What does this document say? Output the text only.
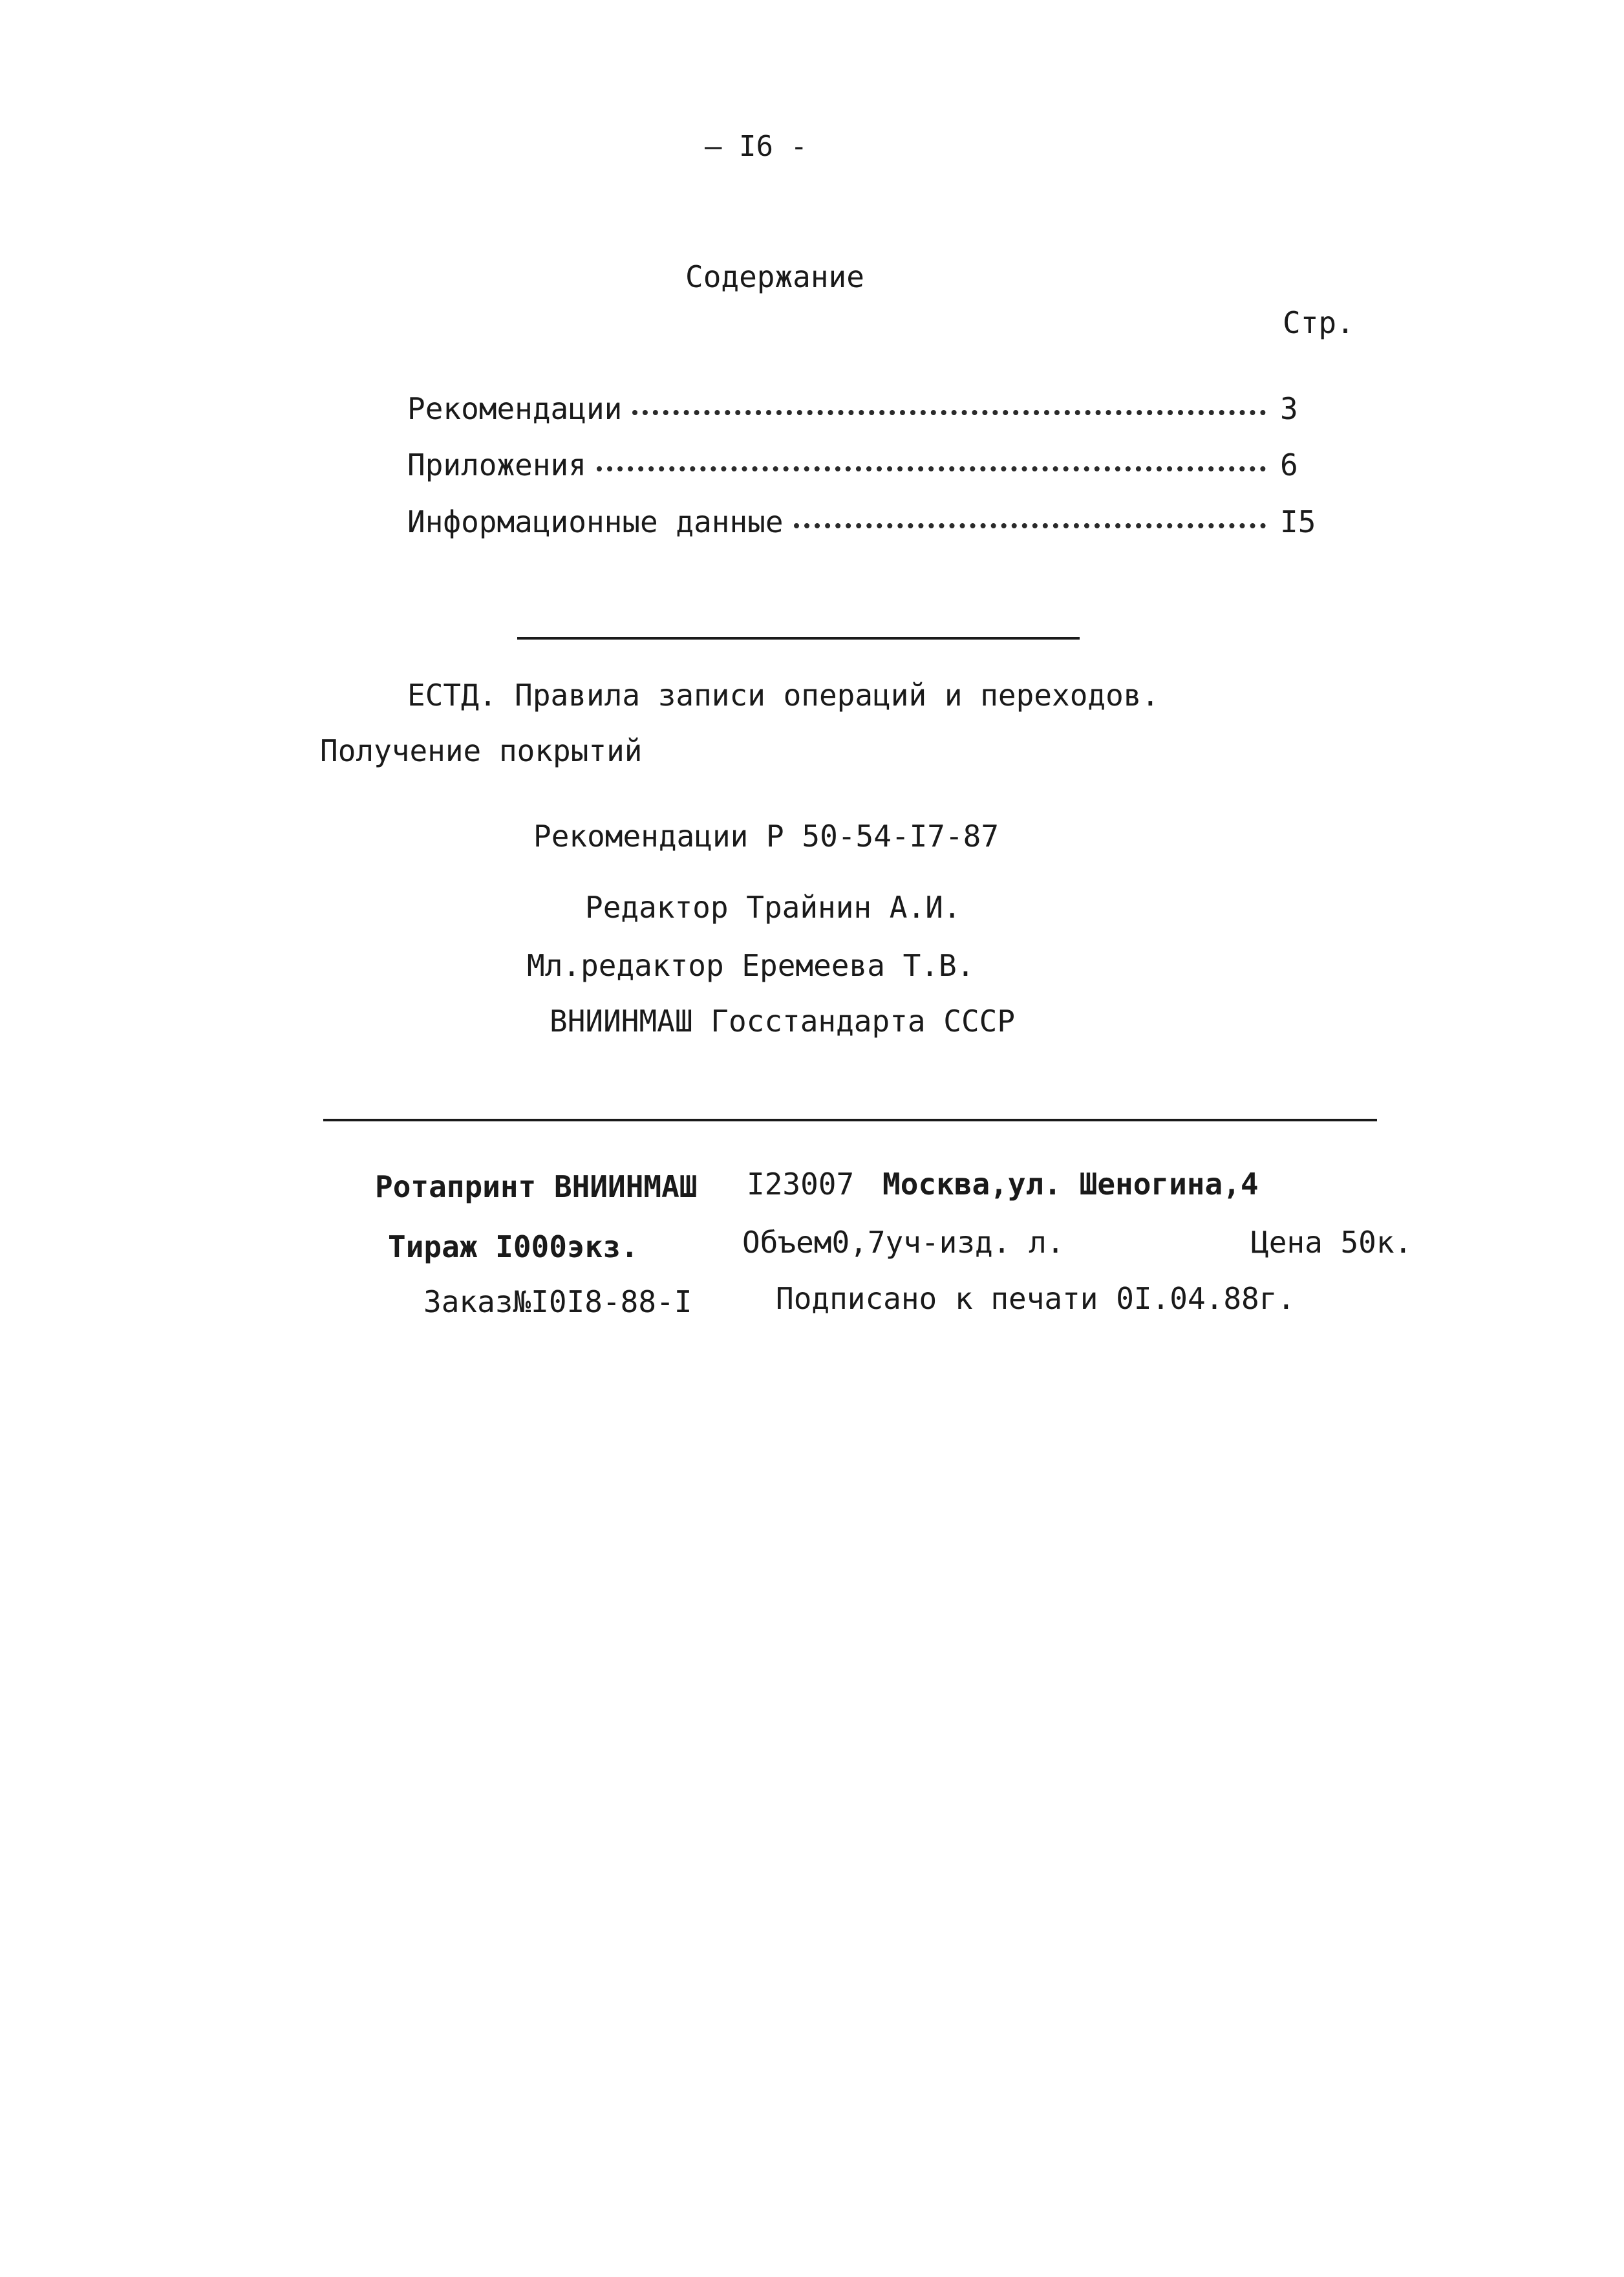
– I6 -
Содержание
Стр.
Рекомендации	3
Приложения	6
Информационные данные	I5
ЕСТД. Правила записи операций и переходов.
Получение покрытий
Рекомендации Р 50-54-I7-87
Редактор Трайнин А.И.
Мл.редактор Еремеева Т.В.
ВНИИНМАШ Госстандарта СССР
Ротапринт ВНИИНМАШ I23007 Москва,ул. Шеногина,4
Тираж I000экз.	Объем0,7уч-изд. л.	Цена 50к.
Заказ№I0I8-88-I	Подписано к печати 0I.04.88г.
